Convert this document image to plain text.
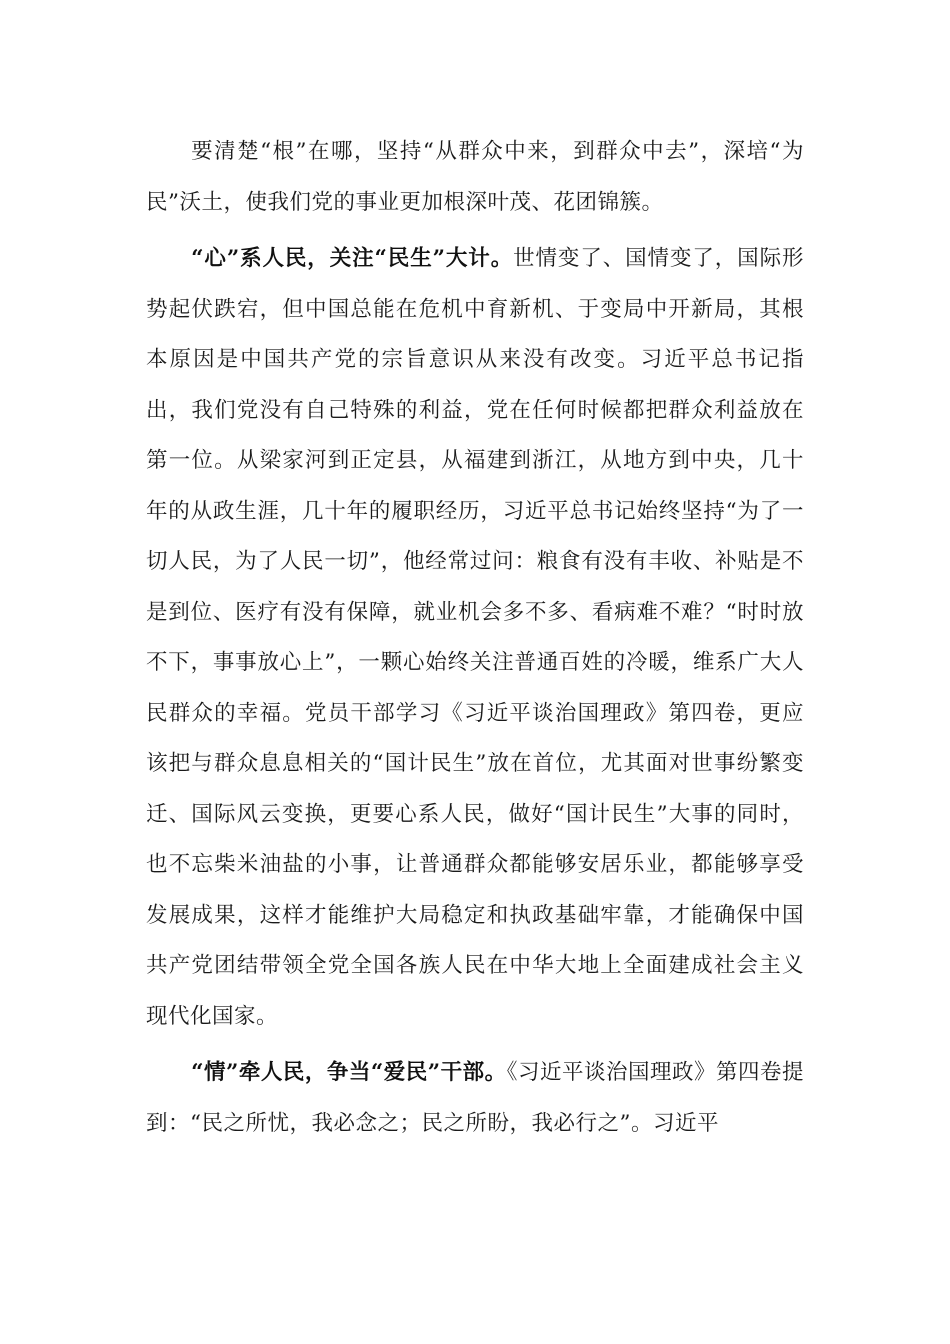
要清楚“根”在哪，坚持“从群众中来，到群众中去”，深培“为民”沃土，使我们党的事业更加根深叶茂、花团锦簇。

“心”系人民，关注“民生”大计。世情变了、国情变了，国际形势起伏跌宕，但中国总能在危机中育新机、于变局中开新局，其根本原因是中国共产党的宗旨意识从来没有改变。习近平总书记指出，我们党没有自己特殊的利益，党在任何时候都把群众利益放在第一位。从梁家河到正定县，从福建到浙江，从地方到中央，几十年的从政生涯，几十年的履职经历，习近平总书记始终坚持“为了一切人民，为了人民一切”，他经常过问：粮食有没有丰收、补贴是不是到位、医疗有没有保障，就业机会多不多、看病难不难？“时时放不下，事事放心上”，一颗心始终关注普通百姓的冷暖，维系广大人民群众的幸福。党员干部学习《习近平谈治国理政》第四卷，更应该把与群众息息相关的“国计民生”放在首位，尤其面对世事纷繁变迁、国际风云变换，更要心系人民，做好“国计民生”大事的同时，也不忘柴米油盐的小事，让普通群众都能够安居乐业，都能够享受发展成果，这样才能维护大局稳定和执政基础牢靠，才能确保中国共产党团结带领全党全国各族人民在中华大地上全面建成社会主义现代化国家。

“情”牵人民，争当“爱民”干部。《习近平谈治国理政》第四卷提到：“民之所忧，我必念之；民之所盼，我必行之”。习近平
